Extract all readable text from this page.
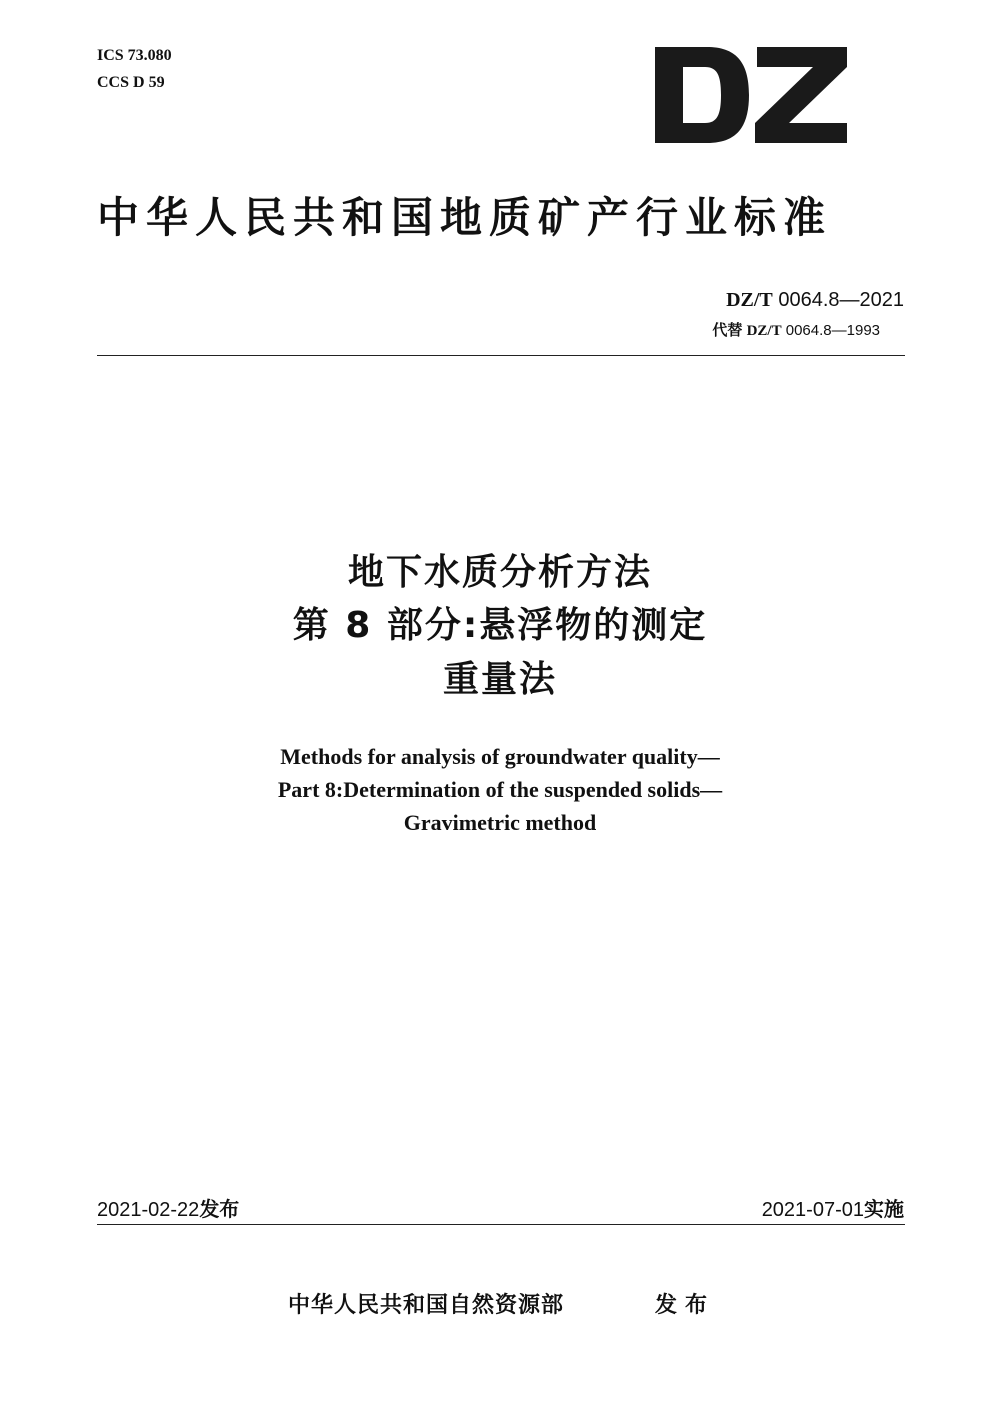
ICS 73.080
CCS D 59
中华人民共和国地质矿产行业标准
DZ/T 0064.8—2021
代替 DZ/T 0064.8—1993
地下水质分析方法
第 8 部分:悬浮物的测定
重量法
Methods for analysis of groundwater quality—
Part 8:Determination of the suspended solids—
Gravimetric method
2021-02-22发布	2021-07-01实施
中华人民共和国自然资源部	发布
